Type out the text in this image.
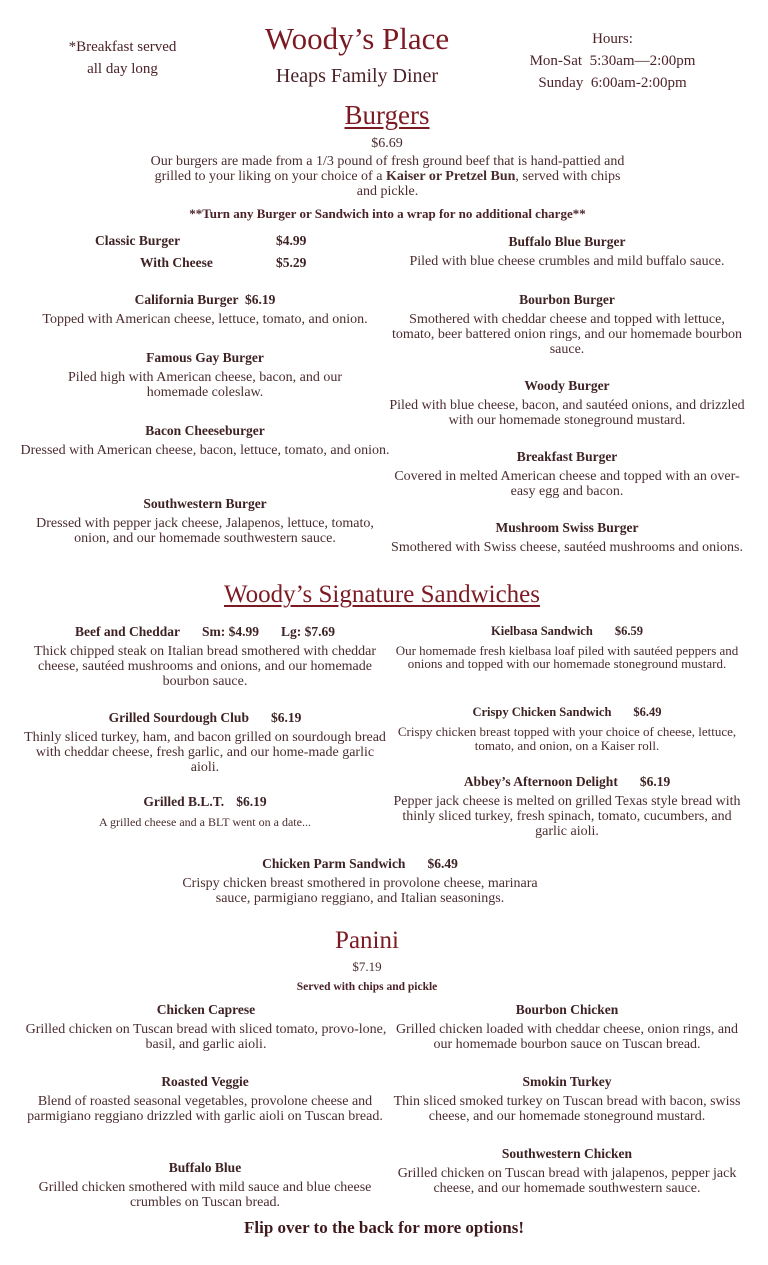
*Breakfast served
all day long
Woody’s Place
Heaps Family Diner
Hours:
Mon-Sat 5:30am—2:00pm
Sunday 6:00am-2:00pm
Burgers
$6.69
Our burgers are made from a 1/3 pound of fresh ground beef that is hand-pattied and grilled to your liking on your choice of a Kaiser or Pretzel Bun, served with chips and pickle.
**Turn any Burger or Sandwich into a wrap for no additional charge**
Classic Burger	$4.99
With Cheese	$5.29
California Burger $6.19
Topped with American cheese, lettuce, tomato, and onion.
Famous Gay Burger
Piled high with American cheese, bacon, and our homemade coleslaw.
Bacon Cheeseburger
Dressed with American cheese, bacon, lettuce, tomato, and onion.
Southwestern Burger
Dressed with pepper jack cheese, Jalapenos, lettuce, tomato, onion, and our homemade southwestern sauce.
Buffalo Blue Burger
Piled with blue cheese crumbles and mild buffalo sauce.
Bourbon Burger
Smothered with cheddar cheese and topped with lettuce, tomato, beer battered onion rings, and our homemade bourbon sauce.
Woody Burger
Piled with blue cheese, bacon, and sautéed onions, and drizzled with our homemade stoneground mustard.
Breakfast Burger
Covered in melted American cheese and topped with an over-easy egg and bacon.
Mushroom Swiss Burger
Smothered with Swiss cheese, sautéed mushrooms and onions.
Woody’s Signature Sandwiches
Beef and Cheddar Sm: $4.99 Lg: $7.69
Thick chipped steak on Italian bread smothered with cheddar cheese, sautéed mushrooms and onions, and our homemade bourbon sauce.
Grilled Sourdough Club $6.19
Thinly sliced turkey, ham, and bacon grilled on sourdough bread with cheddar cheese, fresh garlic, and our home-made garlic aioli.
Grilled B.L.T. $6.19
A grilled cheese and a BLT went on a date...
Kielbasa Sandwich $6.59
Our homemade fresh kielbasa loaf piled with sautéed peppers and onions and topped with our homemade stoneground mustard.
Crispy Chicken Sandwich $6.49
Crispy chicken breast topped with your choice of cheese, lettuce, tomato, and onion, on a Kaiser roll.
Abbey’s Afternoon Delight $6.19
Pepper jack cheese is melted on grilled Texas style bread with thinly sliced turkey, fresh spinach, tomato, cucumbers, and garlic aioli.
Chicken Parm Sandwich $6.49
Crispy chicken breast smothered in provolone cheese, marinara sauce, parmigiano reggiano, and Italian seasonings.
Panini
$7.19
Served with chips and pickle
Chicken Caprese
Grilled chicken on Tuscan bread with sliced tomato, provo-lone, basil, and garlic aioli.
Roasted Veggie
Blend of roasted seasonal vegetables, provolone cheese and parmigiano reggiano drizzled with garlic aioli on Tuscan bread.
Buffalo Blue
Grilled chicken smothered with mild sauce and blue cheese crumbles on Tuscan bread.
Bourbon Chicken
Grilled chicken loaded with cheddar cheese, onion rings, and our homemade bourbon sauce on Tuscan bread.
Smokin Turkey
Thin sliced smoked turkey on Tuscan bread with bacon, swiss cheese, and our homemade stoneground mustard.
Southwestern Chicken
Grilled chicken on Tuscan bread with jalapenos, pepper jack cheese, and our homemade southwestern sauce.
Flip over to the back for more options!
